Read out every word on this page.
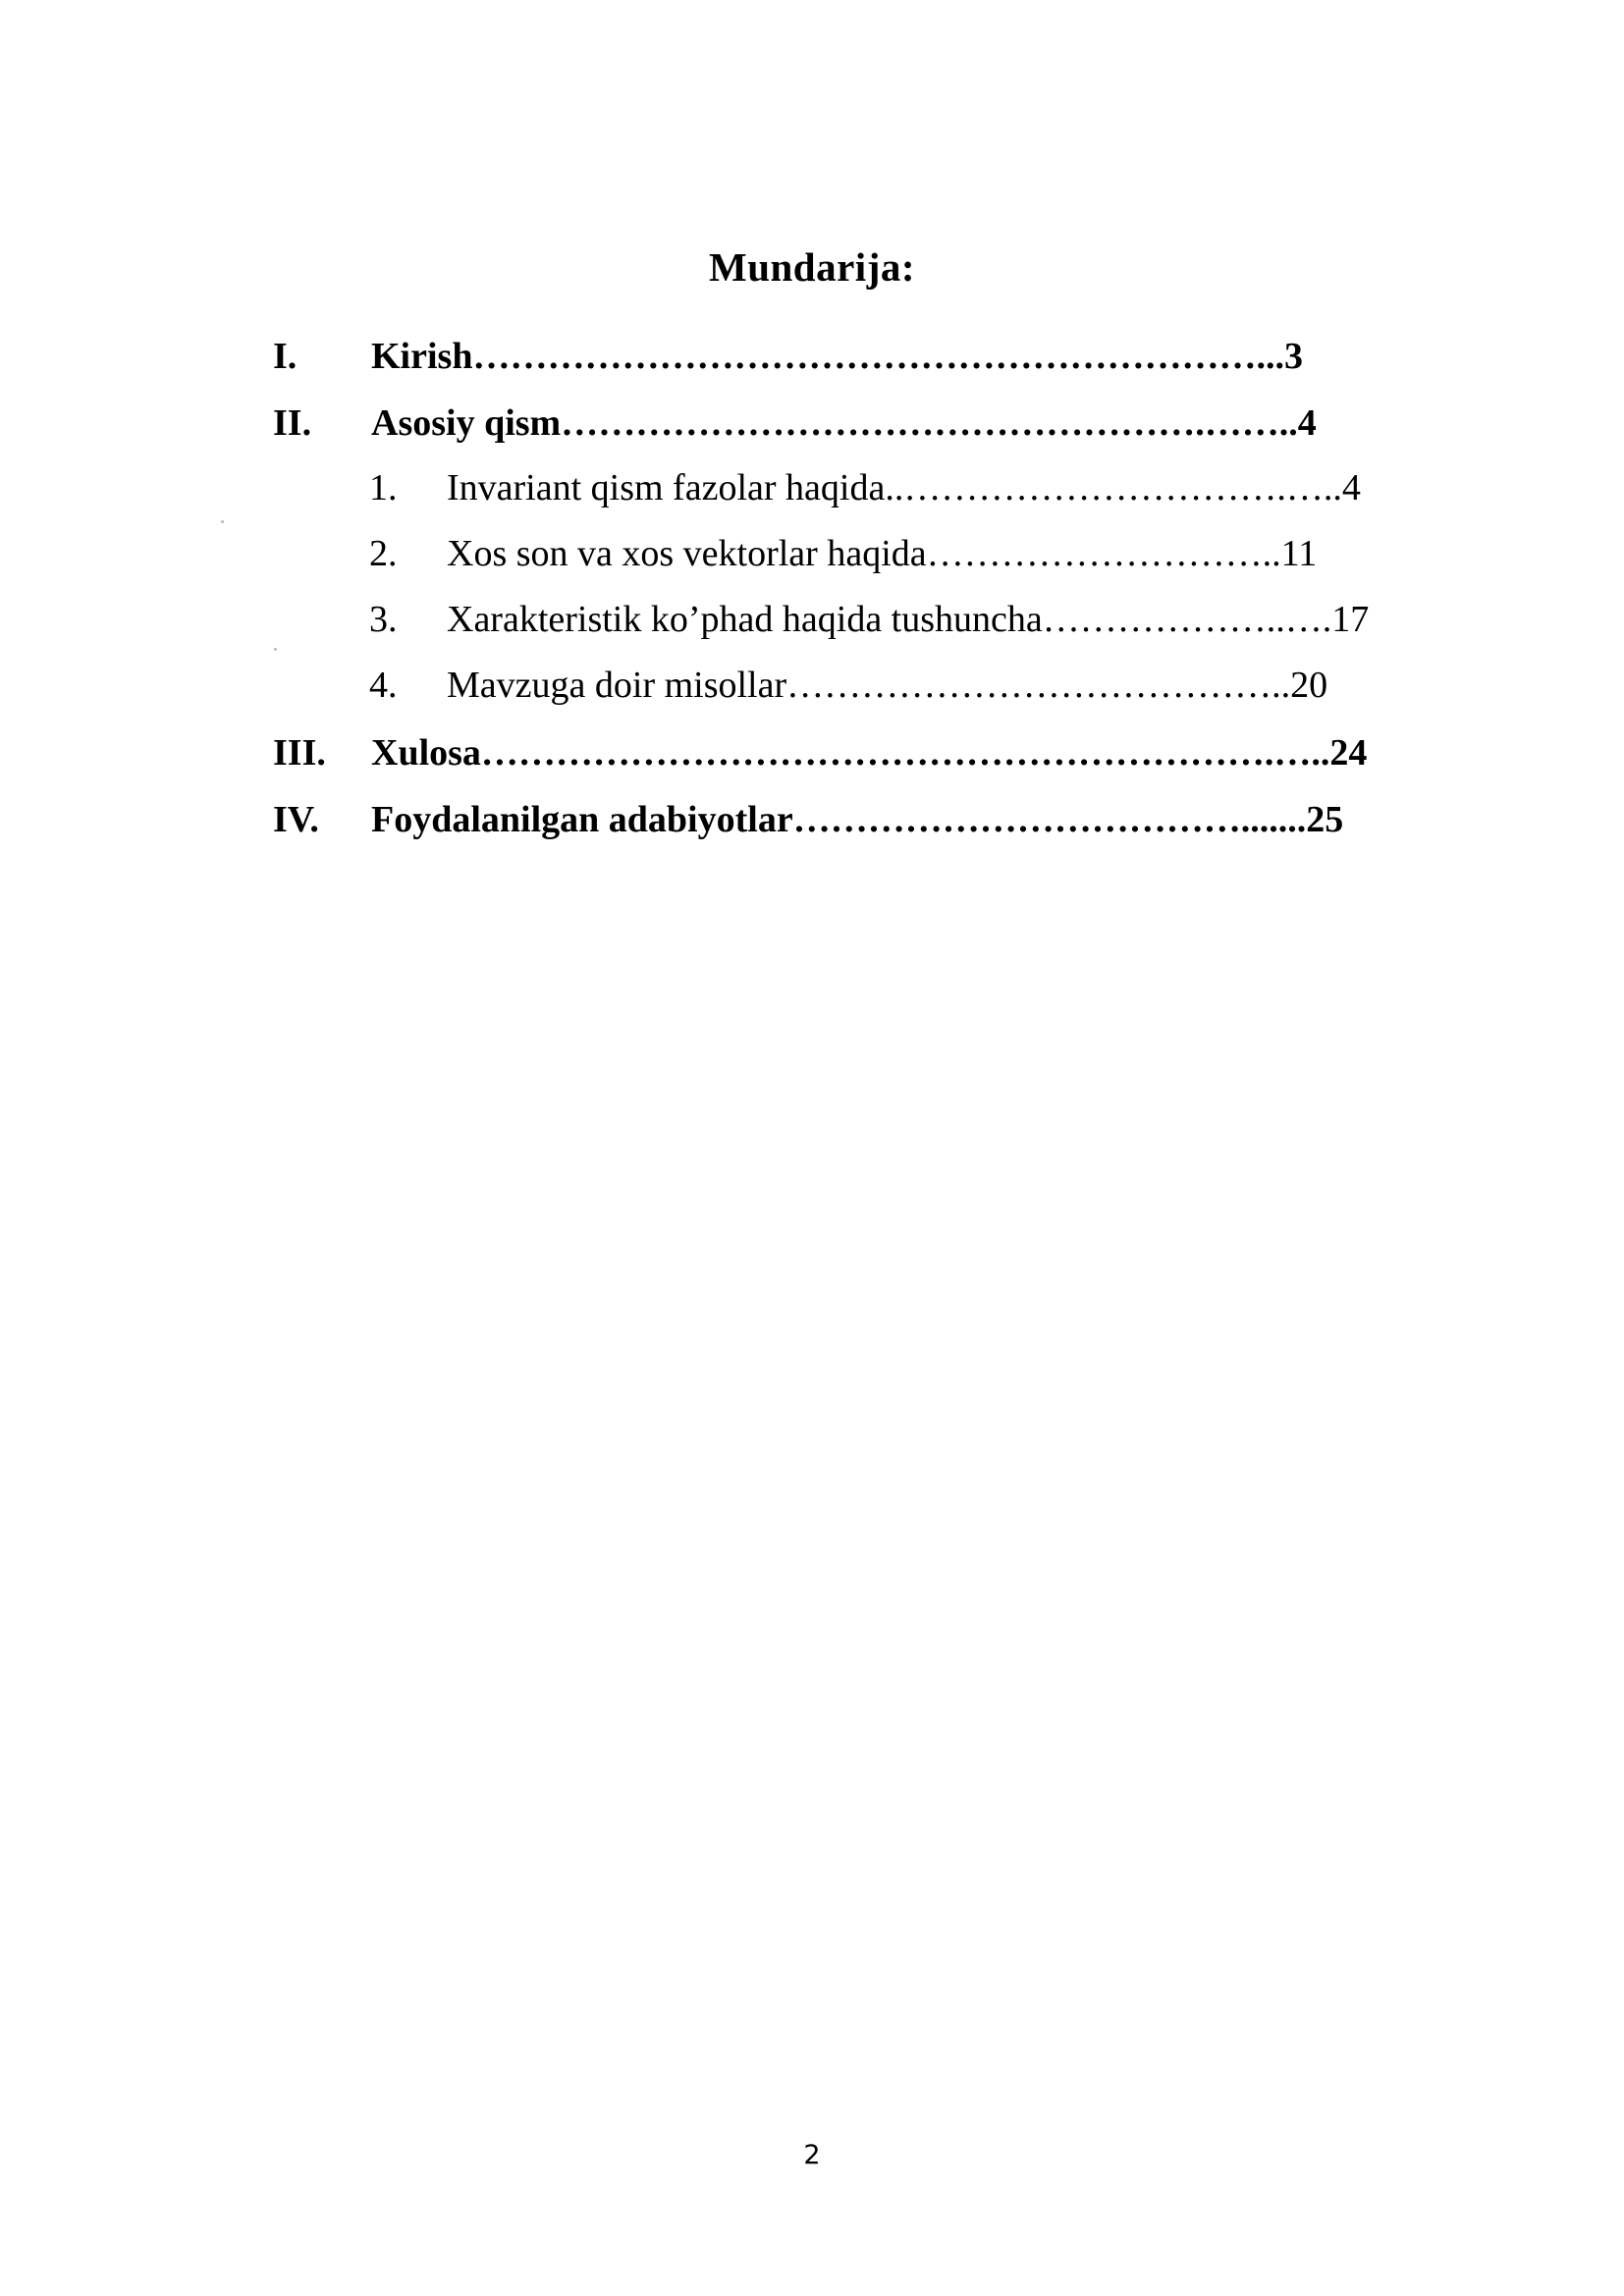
Mundarija:
I. Kirish………………………………………………………...3
II. Asosiy qism…………………………………………….……..4
1. Invariant qism fazolar haqida..………………………….…..4
2. Xos son va xos vektorlar haqida………………………..11
3. Xarakteristik ko’phad haqida tushuncha………………..….17
4. Mavzuga doir misollar…………………………………..20
III. Xulosa……………………………………………………….…..24
IV. Foydalanilgan adabiyotlar……………………………….......25
2
